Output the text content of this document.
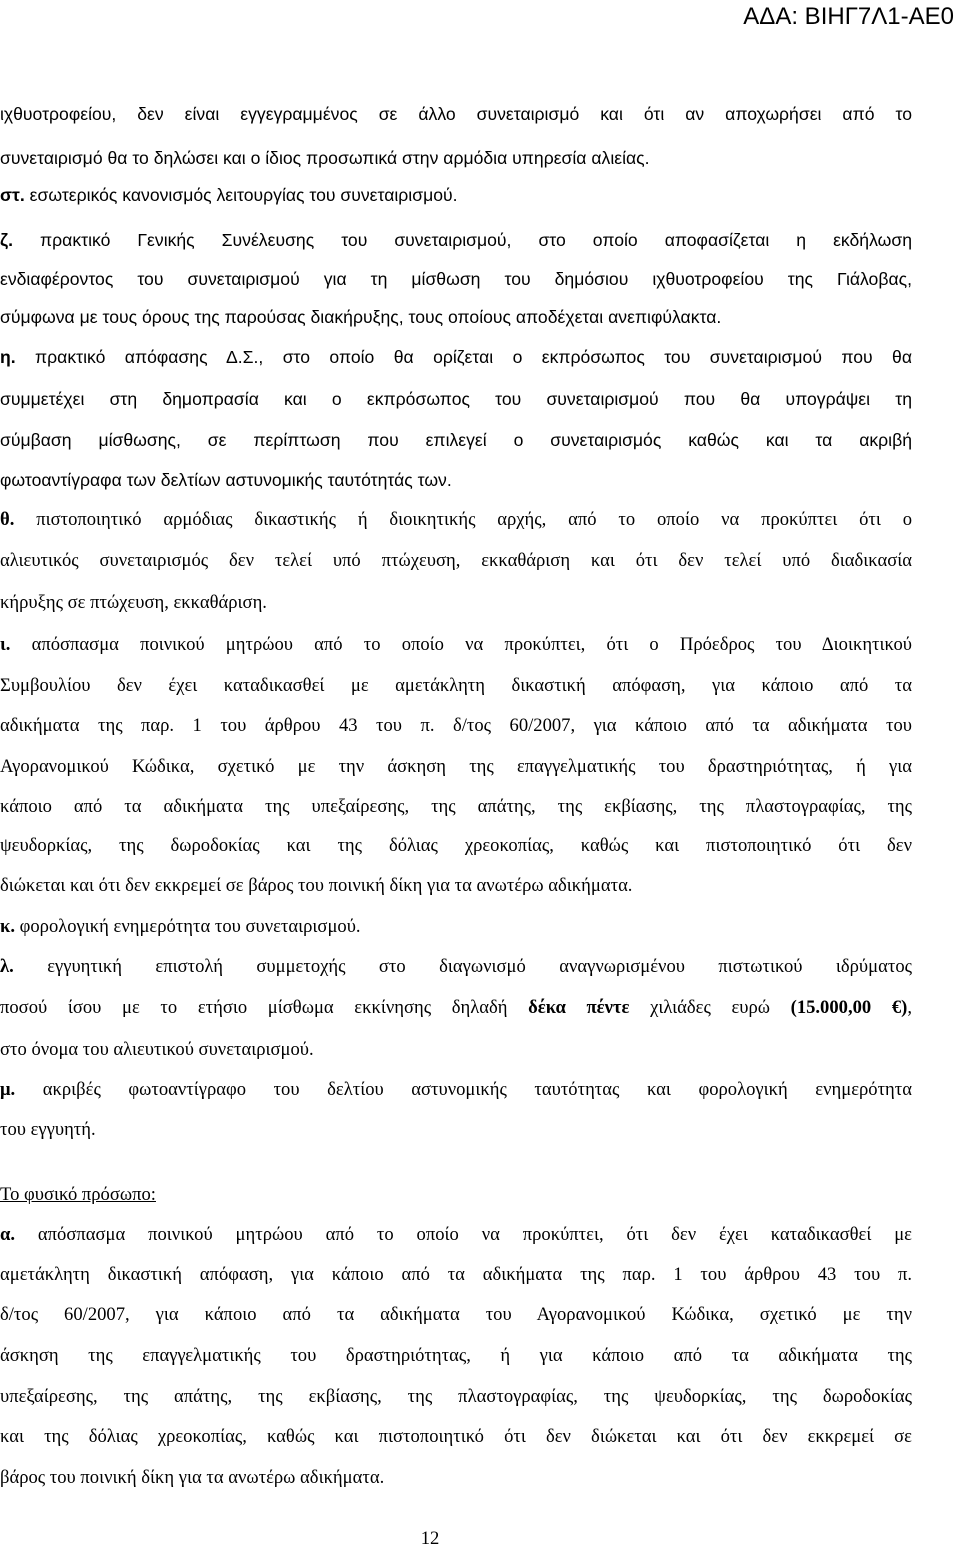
ΑΔΑ: ΒΙΗΓ7Λ1-ΑΕ0
ιχθυοτροφείου, δεν είναι εγγεγραμμένος σε άλλο συνεταιρισμό και ότι αν αποχωρήσει από το
συνεταιρισμό θα το δηλώσει και ο ίδιος προσωπικά στην αρμόδια υπηρεσία αλιείας.
στ. εσωτερικός κανονισμός λειτουργίας του συνεταιρισμού.
ζ. πρακτικό Γενικής Συνέλευσης του συνεταιρισμού, στο οποίο αποφασίζεται η εκδήλωση
ενδιαφέροντος του συνεταιρισμού για τη μίσθωση του δημόσιου ιχθυοτροφείου της Γιάλοβας,
σύμφωνα με τους όρους της παρούσας διακήρυξης, τους οποίους αποδέχεται ανεπιφύλακτα.
η. πρακτικό απόφασης Δ.Σ., στο οποίο θα ορίζεται ο εκπρόσωπος του συνεταιρισμού που θα
συμμετέχει στη δημοπρασία και ο εκπρόσωπος του συνεταιρισμού που θα υπογράψει τη
σύμβαση μίσθωσης, σε περίπτωση που επιλεγεί ο συνεταιρισμός καθώς και τα ακριβή
φωτοαντίγραφα των δελτίων αστυνομικής ταυτότητάς των.
θ. πιστοποιητικό αρμόδιας δικαστικής ή διοικητικής αρχής, από το οποίο να προκύπτει ότι ο
αλιευτικός συνεταιρισμός δεν τελεί υπό πτώχευση, εκκαθάριση και ότι δεν τελεί υπό διαδικασία
κήρυξης σε πτώχευση, εκκαθάριση.
ι. απόσπασμα ποινικού μητρώου από το οποίο να προκύπτει, ότι ο Πρόεδρος του Διοικητικού
Συμβουλίου δεν έχει καταδικασθεί με αμετάκλητη δικαστική απόφαση, για κάποιο από τα
αδικήματα της παρ. 1 του άρθρου 43 του π. δ/τος 60/2007, για κάποιο από τα αδικήματα του
Αγορανομικού Κώδικα, σχετικό με την άσκηση της επαγγελματικής του δραστηριότητας, ή για
κάποιο από τα αδικήματα της υπεξαίρεσης, της απάτης, της εκβίασης, της πλαστογραφίας, της
ψευδορκίας, της δωροδοκίας και της δόλιας χρεοκοπίας, καθώς και πιστοποιητικό ότι δεν
διώκεται και ότι δεν εκκρεμεί σε βάρος του ποινική δίκη για τα ανωτέρω αδικήματα.
κ. φορολογική ενημερότητα του συνεταιρισμού.
λ. εγγυητική επιστολή συμμετοχής στο διαγωνισμό αναγνωρισμένου πιστωτικού ιδρύματος
ποσού ίσου με το ετήσιο μίσθωμα εκκίνησης δηλαδή δέκα πέντε χιλιάδες ευρώ (15.000,00 €),
στο όνομα του αλιευτικού συνεταιρισμού.
μ. ακριβές φωτοαντίγραφο του δελτίου αστυνομικής ταυτότητας και φορολογική ενημερότητα
του εγγυητή.
Το φυσικό πρόσωπο:
α. απόσπασμα ποινικού μητρώου από το οποίο να προκύπτει, ότι δεν έχει καταδικασθεί με
αμετάκλητη δικαστική απόφαση, για κάποιο από τα αδικήματα της παρ. 1 του άρθρου 43 του π.
δ/τος 60/2007, για κάποιο από τα αδικήματα του Αγορανομικού Κώδικα, σχετικό με την
άσκηση της επαγγελματικής του δραστηριότητας, ή για κάποιο από τα αδικήματα της
υπεξαίρεσης, της απάτης, της εκβίασης, της πλαστογραφίας, της ψευδορκίας, της δωροδοκίας
και της δόλιας χρεοκοπίας, καθώς και πιστοποιητικό ότι δεν διώκεται και ότι δεν εκκρεμεί σε
βάρος του ποινική δίκη για τα ανωτέρω αδικήματα.
12
